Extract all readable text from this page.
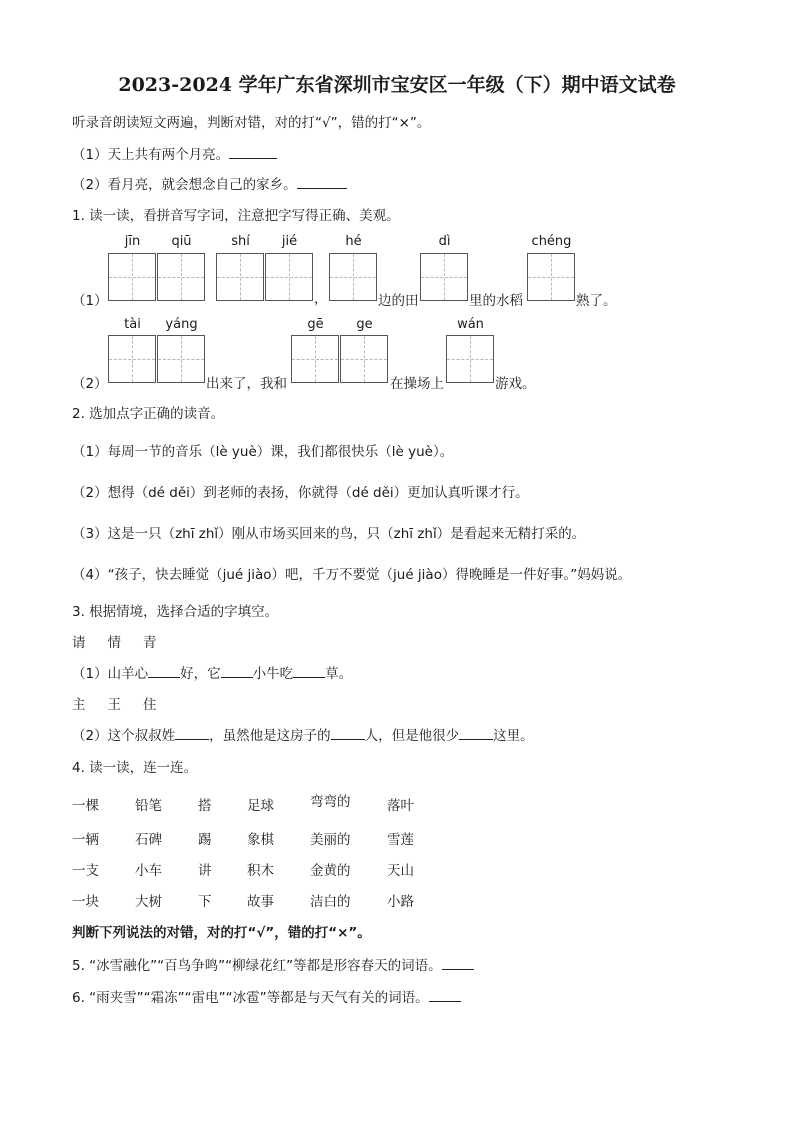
2023-2024 学年广东省深圳市宝安区一年级（下）期中语文试卷
听录音朗读短文两遍，判断对错，对的打“√”，错的打“×”。
（1）天上共有两个月亮。
（2）看月亮，就会想念自己的家乡。
1. 读一读，看拼音写字词，注意把字写得正确、美观。
jīn	qiū	shí	jié	hé	dì	chéng
（1）	，	边的田	里的水稻	熟了。
tài	yáng	gē	ge	wán
（2）	出来了，我和	在操场上	游戏。
2. 选加点字正确的读音。
（1）每周一节的音乐（lè yuè）课，我们都很快乐（lè yuè）。
（2）想得（dé děi）到老师的表扬，你就得（dé děi）更加认真听课才行。
（3）这是一只（zhī zhǐ）刚从市场买回来的鸟，只（zhī zhǐ）是看起来无精打采的。
（4）“孩子，快去睡觉（jué jiào）吧，千万不要觉（jué jiào）得晚睡是一件好事。”妈妈说。
3. 根据情境，选择合适的字填空。
请 情 青
（1）山羊心 好，它 小牛吃 草。
主 王 住
（2）这个叔叔姓	，虽然他是这房子的	人，但是他很少	这里。
4. 读一读，连一连。
一棵	铅笔	搭	足球	弯弯的	落叶
一辆	石碑	踢	象棋	美丽的	雪莲
一支	小车	讲	积木	金黄的	天山
一块	大树	下	故事	洁白的	小路
判断下列说法的对错，对的打“√”，错的打“×”。
5. “冰雪融化”“百鸟争鸣”“柳绿花红”等都是形容春天的词语。
6. “雨夹雪”“霜冻”“雷电”“冰雹”等都是与天气有关的词语。
